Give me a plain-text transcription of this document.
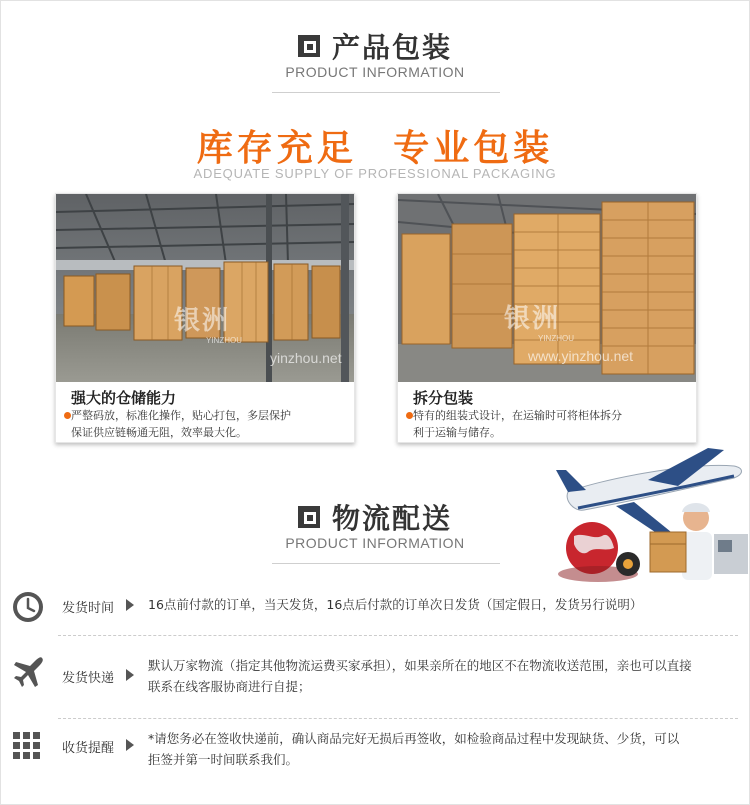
产品包装
PRODUCT INFORMATION
库存充足 专业包装
ADEQUATE SUPPLY OF PROFESSIONAL PACKAGING
银洲
YINZHOU
yinzhou.net
强大的仓储能力
严整码放，标准化操作，贴心打包，多层保护
保证供应链畅通无阻，效率最大化。
银洲
YINZHOU
www.yinzhou.net
拆分包装
特有的组装式设计，在运输时可将柜体拆分
利于运输与储存。
物流配送
PRODUCT INFORMATION
发货时间	16点前付款的订单，当天发货，16点后付款的订单次日发货（国定假日，发货另行说明）
发货快递
默认万家物流（指定其他物流运费买家承担），如果亲所在的地区不在物流收送范围，亲也可以直接
联系在线客服协商进行自提；
收货提醒
*请您务必在签收快递前，确认商品完好无损后再签收，如检验商品过程中发现缺货、少货，可以
拒签并第一时间联系我们。
